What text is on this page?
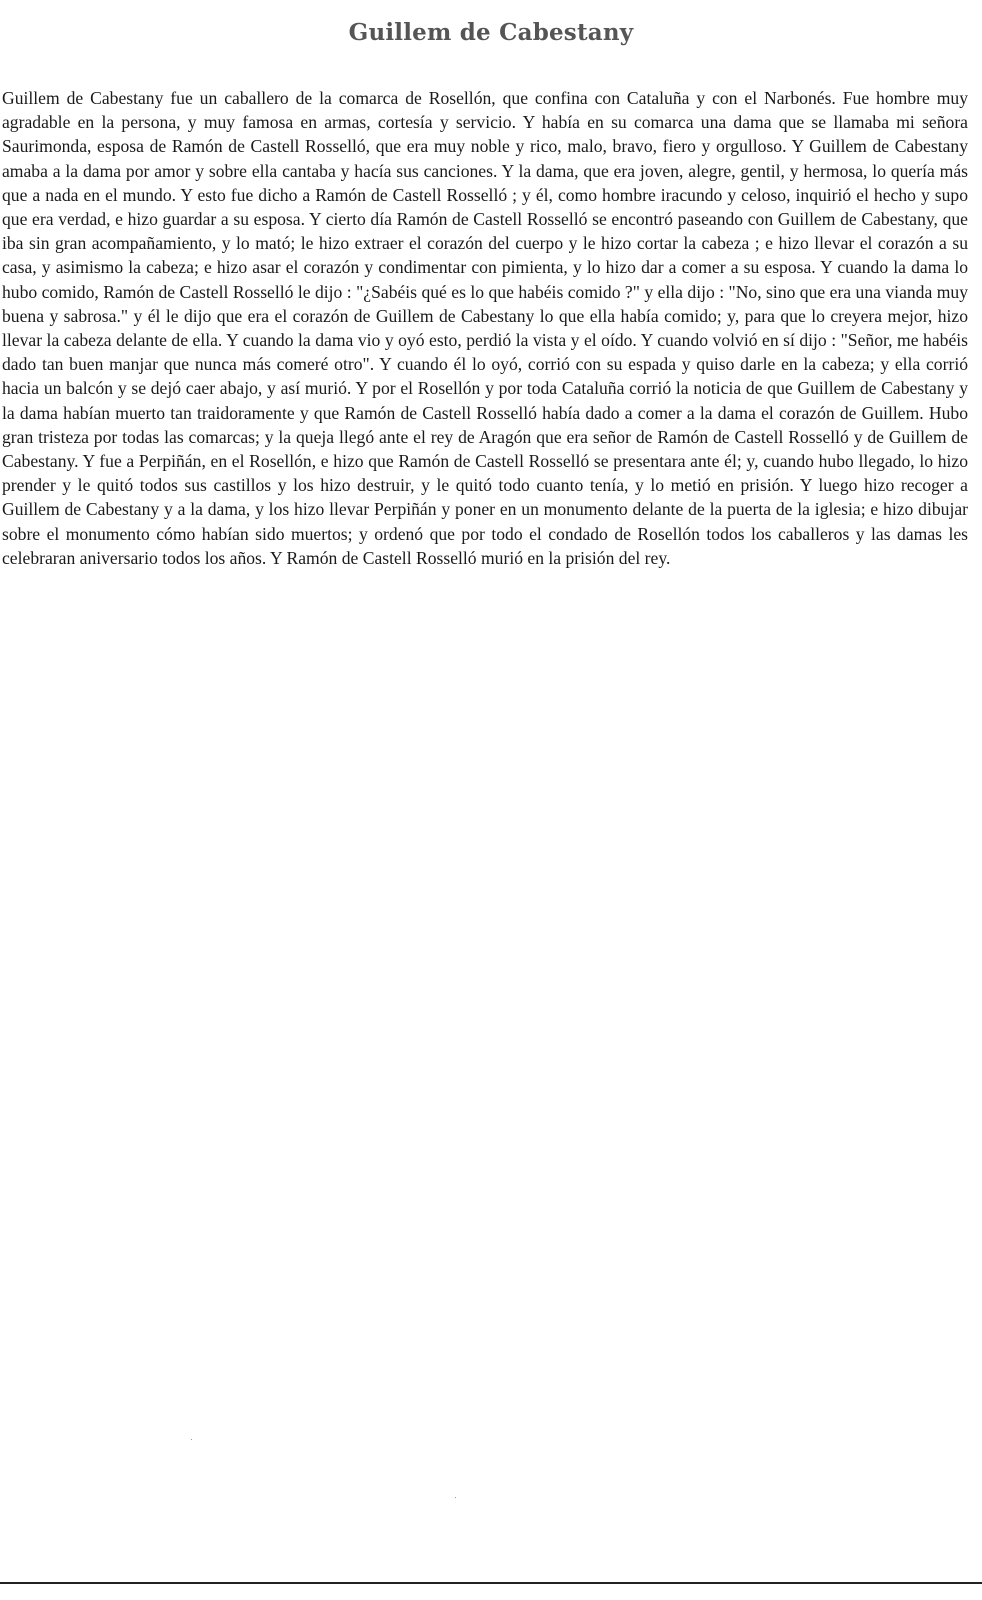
Guillem de Cabestany

Guillem de Cabestany fue un caballero de la comarca de Rosellón, que confina con Cataluña y con el Narbonés. Fue hombre muy agradable en la persona, y muy famosa en armas, cortesía y servicio. Y había en su comarca una dama que se llamaba mi señora Saurimonda, esposa de Ramón de Castell Rosselló, que era muy noble y rico, malo, bravo, fiero y orgulloso. Y Guillem de Cabestany amaba a la dama por amor y sobre ella cantaba y hacía sus canciones. Y la dama, que era joven, alegre, gentil, y hermosa, lo quería más que a nada en el mundo. Y esto fue dicho a Ramón de Castell Rosselló ; y él, como hombre iracundo y celoso, inquirió el hecho y supo que era verdad, e hizo guardar a su esposa. Y cierto día Ramón de Castell Rosselló se encontró paseando con Guillem de Cabestany, que iba sin gran acompañamiento, y lo mató; le hizo extraer el corazón del cuerpo y le hizo cortar la cabeza ; e hizo llevar el corazón a su casa, y asimismo la cabeza; e hizo asar el corazón y condimentar con pimienta, y lo hizo dar a comer a su esposa. Y cuando la dama lo hubo comido, Ramón de Castell Rosselló le dijo : "¿Sabéis qué es lo que habéis comido ?" y ella dijo : "No, sino que era una vianda muy buena y sabrosa." y él le dijo que era el corazón de Guillem de Cabestany lo que ella había comido; y, para que lo creyera mejor, hizo llevar la cabeza delante de ella. Y cuando la dama vio y oyó esto, perdió la vista y el oído. Y cuando volvió en sí dijo : "Señor, me habéis dado tan buen manjar que nunca más comeré otro". Y cuando él lo oyó, corrió con su espada y quiso darle en la cabeza; y ella corrió hacia un balcón y se dejó caer abajo, y así murió. Y por el Rosellón y por toda Cataluña corrió la noticia de que Guillem de Cabestany y la dama habían muerto tan traidoramente y que Ramón de Castell Rosselló había dado a comer a la dama el corazón de Guillem. Hubo gran tristeza por todas las comarcas; y la queja llegó ante el rey de Aragón que era señor de Ramón de Castell Rosselló y de Guillem de Cabestany. Y fue a Perpiñán, en el Rosellón, e hizo que Ramón de Castell Rosselló se presentara ante él; y, cuando hubo llegado, lo hizo prender y le quitó todos sus castillos y los hizo destruir, y le quitó todo cuanto tenía, y lo metió en prisión. Y luego hizo recoger a Guillem de Cabestany y a la dama, y los hizo llevar Perpiñán y poner en un monumento delante de la puerta de la iglesia; e hizo dibujar sobre el monumento cómo habían sido muertos; y ordenó que por todo el condado de Rosellón todos los caballeros y las damas les celebraran aniversario todos los años. Y Ramón de Castell Rosselló murió en la prisión del rey.
